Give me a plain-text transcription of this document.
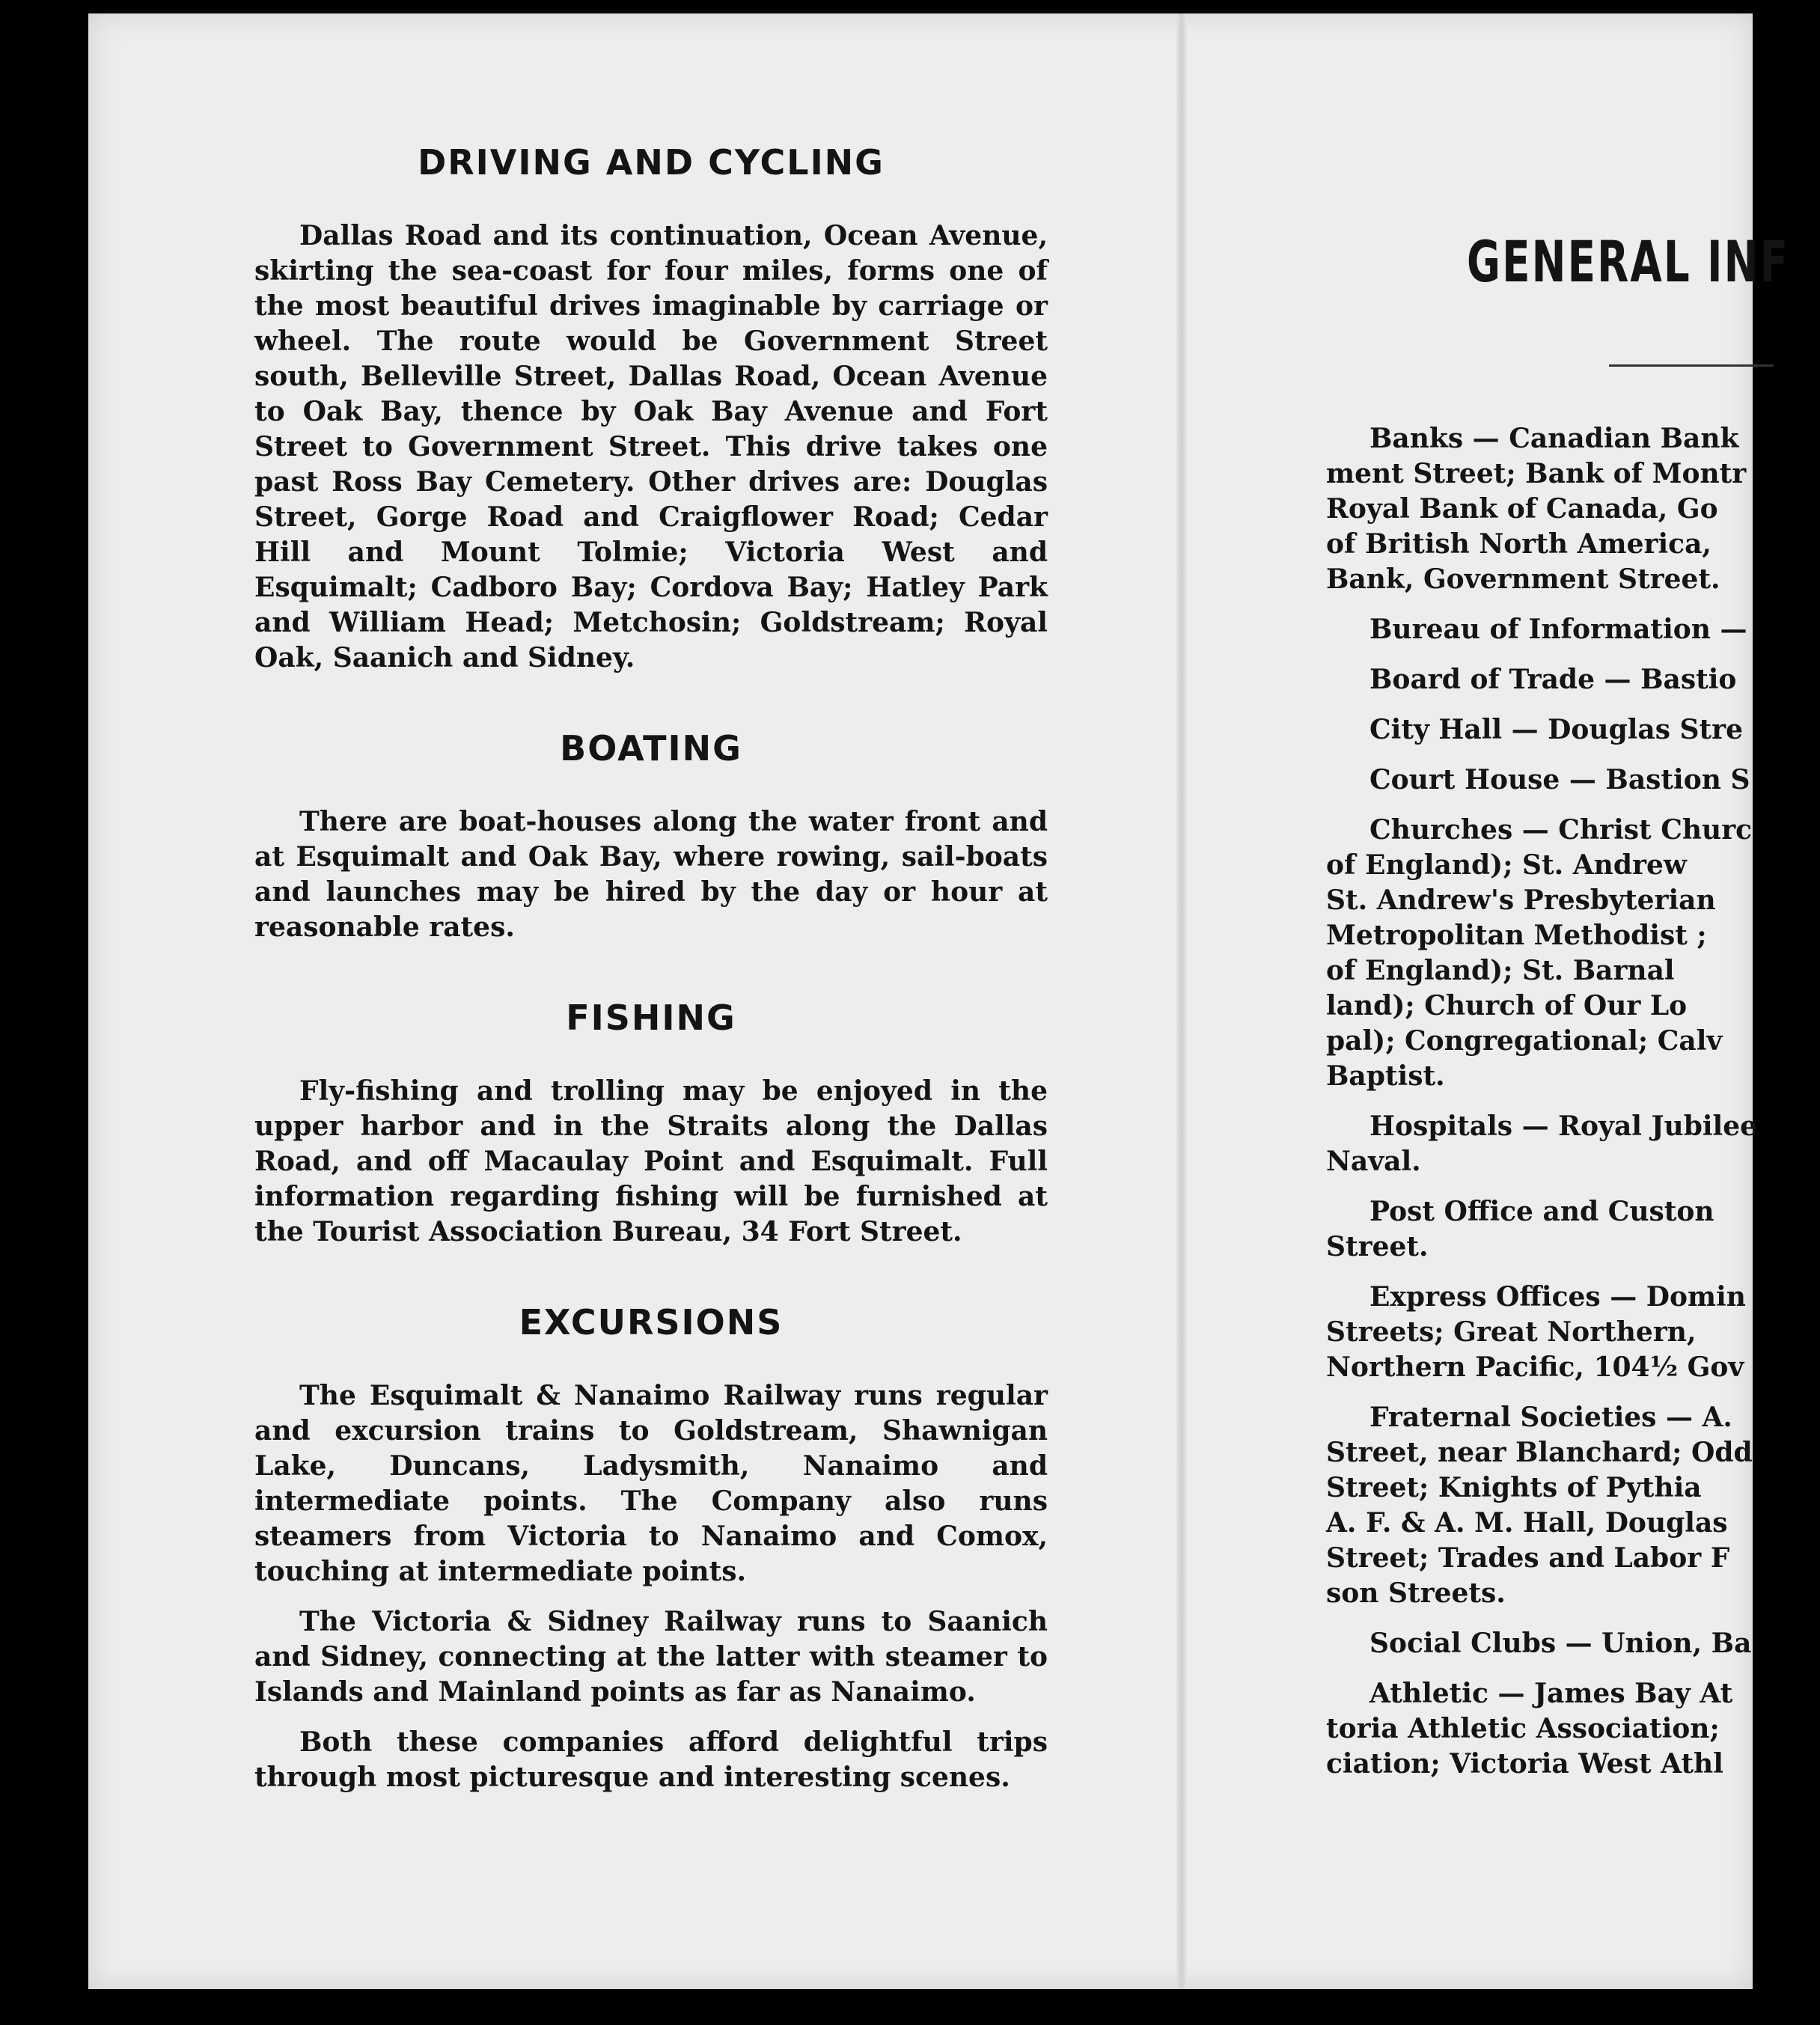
DRIVING AND CYCLING

Dallas Road and its continuation, Ocean Avenue, skirting the sea-coast for four miles, forms one of the most beautiful drives imaginable by carriage or wheel. The route would be Government Street south, Belleville Street, Dallas Road, Ocean Avenue to Oak Bay, thence by Oak Bay Avenue and Fort Street to Government Street. This drive takes one past Ross Bay Cemetery. Other drives are: Douglas Street, Gorge Road and Craigflower Road; Cedar Hill and Mount Tolmie; Victoria West and Esquimalt; Cadboro Bay; Cordova Bay; Hatley Park and William Head; Metchosin; Goldstream; Royal Oak, Saanich and Sidney.

BOATING

There are boat-houses along the water front and at Esquimalt and Oak Bay, where rowing, sail-boats and launches may be hired by the day or hour at reasonable rates.

FISHING

Fly-fishing and trolling may be enjoyed in the upper harbor and in the Straits along the Dallas Road, and off Macaulay Point and Esquimalt. Full information regarding fishing will be furnished at the Tourist Association Bureau, 34 Fort Street.

EXCURSIONS

The Esquimalt & Nanaimo Railway runs regular and excursion trains to Goldstream, Shawnigan Lake, Duncans, Ladysmith, Nanaimo and intermediate points. The Company also runs steamers from Victoria to Nanaimo and Comox, touching at intermediate points.

The Victoria & Sidney Railway runs to Saanich and Sidney, connecting at the latter with steamer to Islands and Mainland points as far as Nanaimo.

Both these companies afford delightful trips through most picturesque and interesting scenes.

GENERAL INF
Banks — Canadian Bank
ment Street; Bank of Montr
Royal Bank of Canada, Go
of British North America,
Bank, Government Street.
Bureau of Information —
Board of Trade — Bastio
City Hall — Douglas Stre
Court House — Bastion S
Churches — Christ Churc
of England); St. Andrew
St. Andrew's Presbyterian
Metropolitan Methodist ;
of England); St. Barnal
land); Church of Our Lo
pal); Congregational; Calv
Baptist.
Hospitals — Royal Jubilee
Naval.
Post Office and Custon
Street.
Express Offices — Domin
Streets; Great Northern,
Northern Pacific, 104½ Gov
Fraternal Societies — A.
Street, near Blanchard; Odd
Street; Knights of Pythia
A. F. & A. M. Hall, Douglas
Street; Trades and Labor F
son Streets.
Social Clubs — Union, Ba
Athletic — James Bay At
toria Athletic Association;
ciation; Victoria West Athl
